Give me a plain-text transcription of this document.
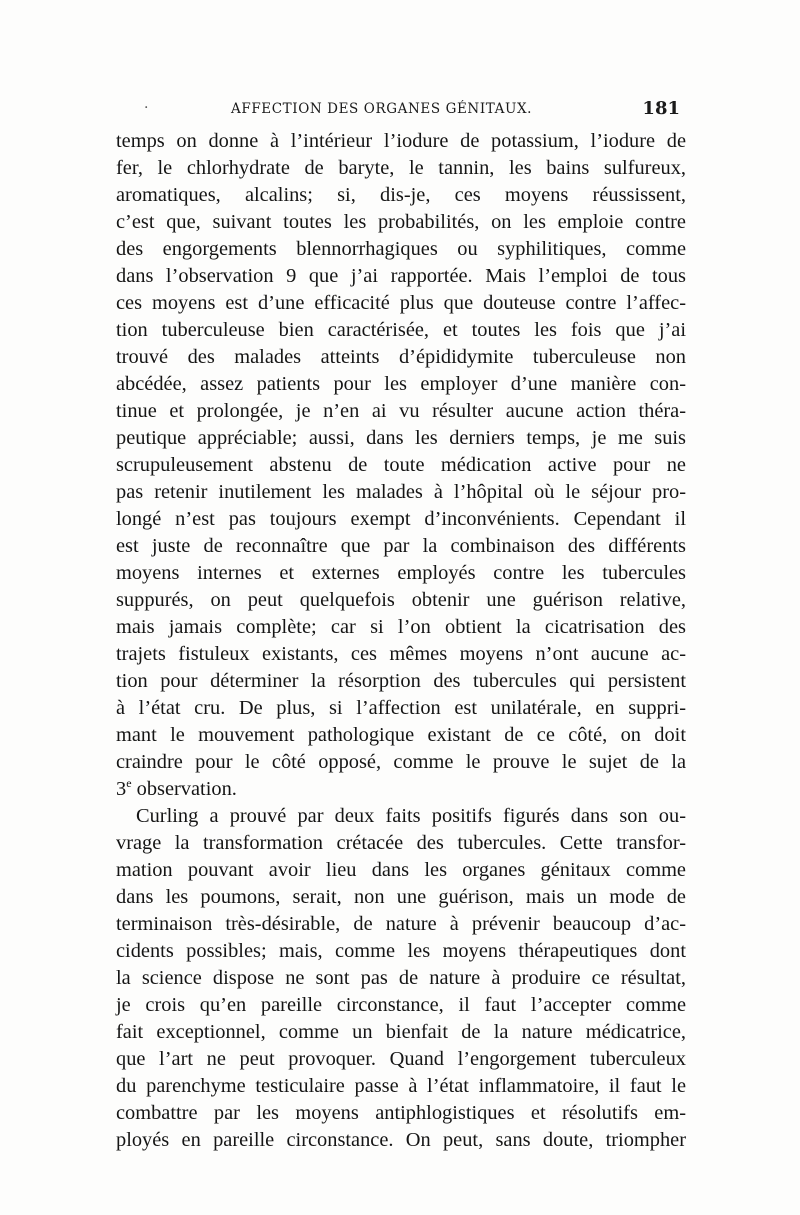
·	AFFECTION DES ORGANES GÉNITAUX.	181
temps on donne à l’intérieur l’iodure de potassium, l’iodure de
fer, le chlorhydrate de baryte, le tannin, les bains sulfureux,
aromatiques, alcalins; si, dis-je, ces moyens réussissent,
c’est que, suivant toutes les probabilités, on les emploie contre
des engorgements blennorrhagiques ou syphilitiques, comme
dans l’observation 9 que j’ai rapportée. Mais l’emploi de tous
ces moyens est d’une efficacité plus que douteuse contre l’affec-
tion tuberculeuse bien caractérisée, et toutes les fois que j’ai
trouvé des malades atteints d’épididymite tuberculeuse non
abcédée, assez patients pour les employer d’une manière con-
tinue et prolongée, je n’en ai vu résulter aucune action théra-
peutique appréciable; aussi, dans les derniers temps, je me suis
scrupuleusement abstenu de toute médication active pour ne
pas retenir inutilement les malades à l’hôpital où le séjour pro-
longé n’est pas toujours exempt d’inconvénients. Cependant il
est juste de reconnaître que par la combinaison des différents
moyens internes et externes employés contre les tubercules
suppurés, on peut quelquefois obtenir une guérison relative,
mais jamais complète; car si l’on obtient la cicatrisation des
trajets fistuleux existants, ces mêmes moyens n’ont aucune ac-
tion pour déterminer la résorption des tubercules qui persistent
à l’état cru. De plus, si l’affection est unilatérale, en suppri-
mant le mouvement pathologique existant de ce côté, on doit
craindre pour le côté opposé, comme le prouve le sujet de la
3e observation.
Curling a prouvé par deux faits positifs figurés dans son ou-
vrage la transformation crétacée des tubercules. Cette transfor-
mation pouvant avoir lieu dans les organes génitaux comme
dans les poumons, serait, non une guérison, mais un mode de
terminaison très-désirable, de nature à prévenir beaucoup d’ac-
cidents possibles; mais, comme les moyens thérapeutiques dont
la science dispose ne sont pas de nature à produire ce résultat,
je crois qu’en pareille circonstance, il faut l’accepter comme
fait exceptionnel, comme un bienfait de la nature médicatrice,
que l’art ne peut provoquer. Quand l’engorgement tuberculeux
du parenchyme testiculaire passe à l’état inflammatoire, il faut le
combattre par les moyens antiphlogistiques et résolutifs em-
ployés en pareille circonstance. On peut, sans doute, triompher
